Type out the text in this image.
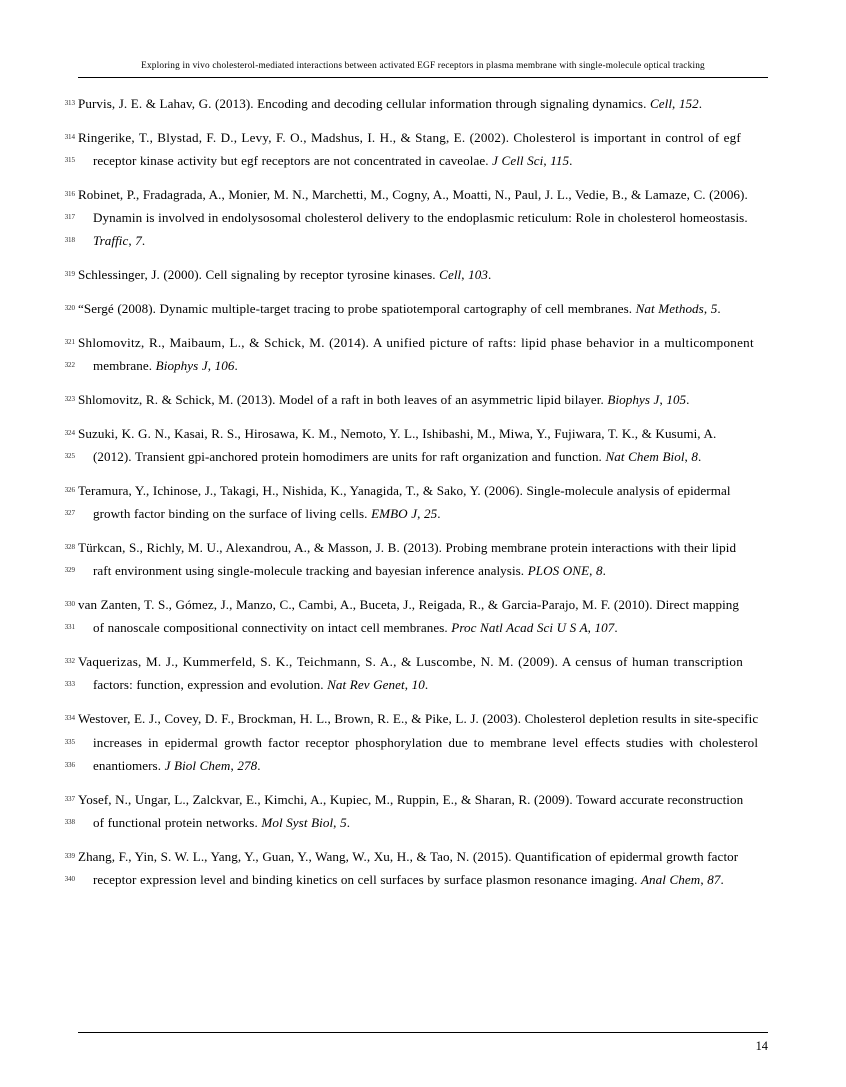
Exploring in vivo cholesterol-mediated interactions between activated EGF receptors in plasma membrane with single-molecule optical tracking
313 Purvis, J. E. & Lahav, G. (2013). Encoding and decoding cellular information through signaling dynamics. Cell, 152.
314 Ringerike, T., Blystad, F. D., Levy, F. O., Madshus, I. H., & Stang, E. (2002). Cholesterol is important in control of egf
315 receptor kinase activity but egf receptors are not concentrated in caveolae. J Cell Sci, 115.
316 Robinet, P., Fradagrada, A., Monier, M. N., Marchetti, M., Cogny, A., Moatti, N., Paul, J. L., Vedie, B., & Lamaze, C. (2006).
317 Dynamin is involved in endolysosomal cholesterol delivery to the endoplasmic reticulum: Role in cholesterol homeostasis.
318 Traffic, 7.
319 Schlessinger, J. (2000). Cell signaling by receptor tyrosine kinases. Cell, 103.
320 “Sergé (2008). Dynamic multiple-target tracing to probe spatiotemporal cartography of cell membranes. Nat Methods, 5.
321 Shlomovitz, R., Maibaum, L., & Schick, M. (2014). A unified picture of rafts: lipid phase behavior in a multicomponent
322 membrane. Biophys J, 106.
323 Shlomovitz, R. & Schick, M. (2013). Model of a raft in both leaves of an asymmetric lipid bilayer. Biophys J, 105.
324 Suzuki, K. G. N., Kasai, R. S., Hirosawa, K. M., Nemoto, Y. L., Ishibashi, M., Miwa, Y., Fujiwara, T. K., & Kusumi, A.
325 (2012). Transient gpi-anchored protein homodimers are units for raft organization and function. Nat Chem Biol, 8.
326 Teramura, Y., Ichinose, J., Takagi, H., Nishida, K., Yanagida, T., & Sako, Y. (2006). Single-molecule analysis of epidermal
327 growth factor binding on the surface of living cells. EMBO J, 25.
328 Türkcan, S., Richly, M. U., Alexandrou, A., & Masson, J. B. (2013). Probing membrane protein interactions with their lipid
329 raft environment using single-molecule tracking and bayesian inference analysis. PLOS ONE, 8.
330 van Zanten, T. S., Gómez, J., Manzo, C., Cambi, A., Buceta, J., Reigada, R., & Garcia-Parajo, M. F. (2010). Direct mapping
331 of nanoscale compositional connectivity on intact cell membranes. Proc Natl Acad Sci U S A, 107.
332 Vaquerizas, M. J., Kummerfeld, S. K., Teichmann, S. A., & Luscombe, N. M. (2009). A census of human transcription
333 factors: function, expression and evolution. Nat Rev Genet, 10.
334 Westover, E. J., Covey, D. F., Brockman, H. L., Brown, R. E., & Pike, L. J. (2003). Cholesterol depletion results in site-specific
335 increases in epidermal growth factor receptor phosphorylation due to membrane level effects studies with cholesterol
336 enantiomers. J Biol Chem, 278.
337 Yosef, N., Ungar, L., Zalckvar, E., Kimchi, A., Kupiec, M., Ruppin, E., & Sharan, R. (2009). Toward accurate reconstruction
338 of functional protein networks. Mol Syst Biol, 5.
339 Zhang, F., Yin, S. W. L., Yang, Y., Guan, Y., Wang, W., Xu, H., & Tao, N. (2015). Quantification of epidermal growth factor
340 receptor expression level and binding kinetics on cell surfaces by surface plasmon resonance imaging. Anal Chem, 87.
14
